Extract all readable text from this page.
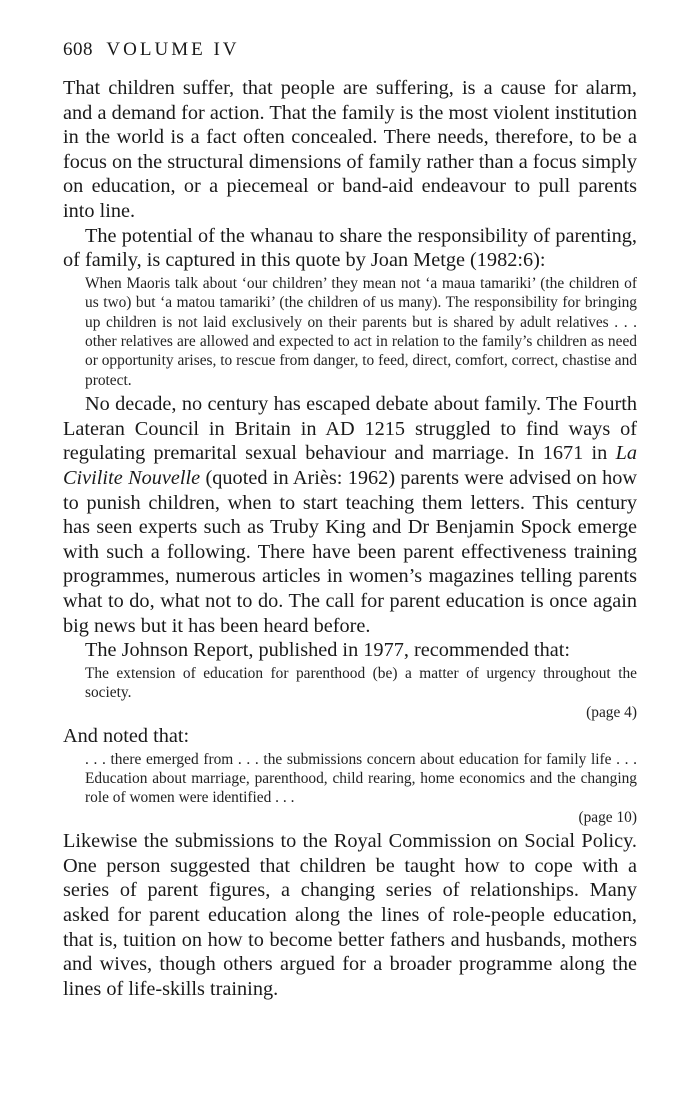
608 VOLUME IV

That children suffer, that people are suffering, is a cause for alarm, and a demand for action. That the family is the most violent institution in the world is a fact often concealed. There needs, therefore, to be a focus on the structural dimensions of family rather than a focus simply on education, or a piecemeal or band-aid endeavour to pull parents into line.

The potential of the whanau to share the responsibility of parenting, of family, is captured in this quote by Joan Metge (1982:6):

When Maoris talk about ‘our children’ they mean not ‘a maua tamariki’ (the children of us two) but ‘a matou tamariki’ (the children of us many). The responsibility for bringing up children is not laid exclusively on their parents but is shared by adult relatives . . . other relatives are allowed and expected to act in relation to the family’s children as need or opportunity arises, to rescue from danger, to feed, direct, comfort, correct, chastise and protect.

No decade, no century has escaped debate about family. The Fourth Lateran Council in Britain in AD 1215 struggled to find ways of regulating premarital sexual behaviour and marriage. In 1671 in La Civilite Nouvelle (quoted in Ariès: 1962) parents were advised on how to punish children, when to start teaching them letters. This century has seen experts such as Truby King and Dr Benjamin Spock emerge with such a following. There have been parent effectiveness training programmes, numerous articles in women’s magazines telling parents what to do, what not to do. The call for parent education is once again big news but it has been heard before.

The Johnson Report, published in 1977, recommended that:

The extension of education for parenthood (be) a matter of urgency throughout the society.
(page 4)

And noted that:

. . . there emerged from . . . the submissions concern about education for family life . . . Education about marriage, parenthood, child rearing, home economics and the changing role of women were identified . . .
(page 10)

Likewise the submissions to the Royal Commission on Social Policy. One person suggested that children be taught how to cope with a series of parent figures, a changing series of relationships. Many asked for parent education along the lines of role-people education, that is, tuition on how to become better fathers and husbands, mothers and wives, though others argued for a broader programme along the lines of life-skills training.
